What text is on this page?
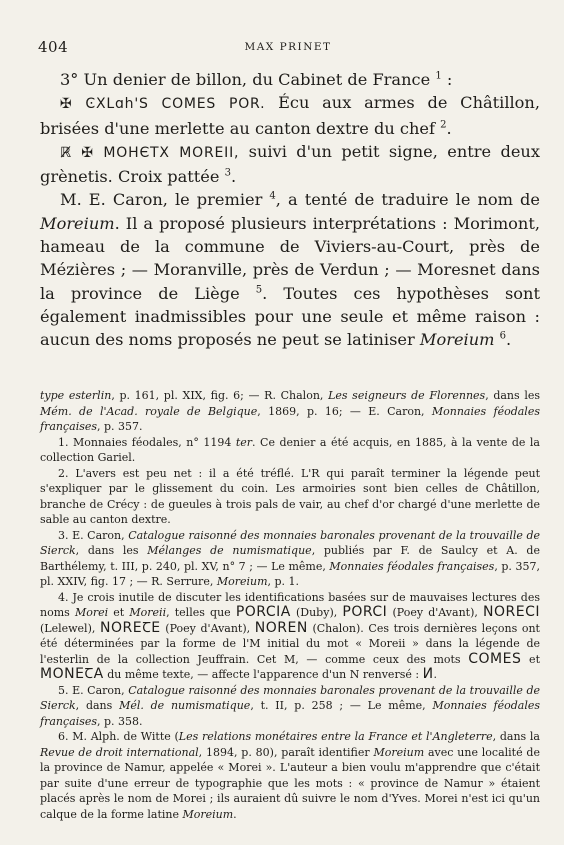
404	MAX PRINET

3° Un denier de billon, du Cabinet de France $^1$ :

✠ ϾXLɑh'S COMES POR. Écu aux armes de Châtillon, brisées d'une merlette au canton dextre du chef $^2$.

ℝ̸ ✠ MOHЄTX MOREII, suivi d'un petit signe, entre deux grènetis. Croix pattée $^3$.

M. E. Caron, le premier $^4$, a tenté de traduire le nom de Moreium. Il a proposé plusieurs interprétations : Morimont, hameau de la commune de Viviers-au-Court, près de Mézières ; — Moranville, près de Verdun ; — Moresnet dans la province de Liège $^5$. Toutes ces hypothèses sont également inadmissibles pour une seule et même raison : aucun des noms proposés ne peut se latiniser Moreium $^6$.

type esterlin, p. 161, pl. XIX, fig. 6; — R. Chalon, Les seigneurs de Florennes, dans les Mém. de l'Acad. royale de Belgique, 1869, p. 16; — E. Caron, Monnaies féodales françaises, p. 357.

1. Monnaies féodales, n° 1194 ter. Ce denier a été acquis, en 1885, à la vente de la collection Gariel.

2. L'avers est peu net : il a été tréflé. L'R qui paraît terminer la légende peut s'expliquer par le glissement du coin. Les armoiries sont bien celles de Châtillon, branche de Crécy : de gueules à trois pals de vair, au chef d'or chargé d'une merlette de sable au canton dextre.

3. E. Caron, Catalogue raisonné des monnaies baronales provenant de la trouvaille de Sierck, dans les Mélanges de numismatique, publiés par F. de Saulcy et A. de Barthélemy, t. III, p. 240, pl. XV, n° 7 ; — Le même, Monnaies féodales françaises, p. 357, pl. XXIV, fig. 17 ; — R. Serrure, Moreium, p. 1.

4. Je crois inutile de discuter les identifications basées sur de mauvaises lectures des noms Morei et Moreii, telles que PORCIA (Duby), PORCI (Poey d'Avant), NORECI (Lelewel), NOREꞆE (Poey d'Avant), NOREN (Chalon). Ces trois dernières leçons ont été déterminées par la forme de l'M initial du mot « Moreii » dans la légende de l'esterlin de la collection Jeuffrain. Cet M, — comme ceux des mots COMES et MONEꞆA du même texte, — affecte l'apparence d'un N renversé : И.

5. E. Caron, Catalogue raisonné des monnaies baronales provenant de la trouvaille de Sierck, dans Mél. de numismatique, t. II, p. 258 ; — Le même, Monnaies féodales françaises, p. 358.

6. M. Alph. de Witte (Les relations monétaires entre la France et l'Angleterre, dans la Revue de droit international, 1894, p. 80), paraît identifier Moreium avec une localité de la province de Namur, appelée « Morei ». L'auteur a bien voulu m'apprendre que c'était par suite d'une erreur de typographie que les mots : « province de Namur » étaient placés après le nom de Morei ; ils auraient dû suivre le nom d'Yves. Morei n'est ici qu'un calque de la forme latine Moreium.
